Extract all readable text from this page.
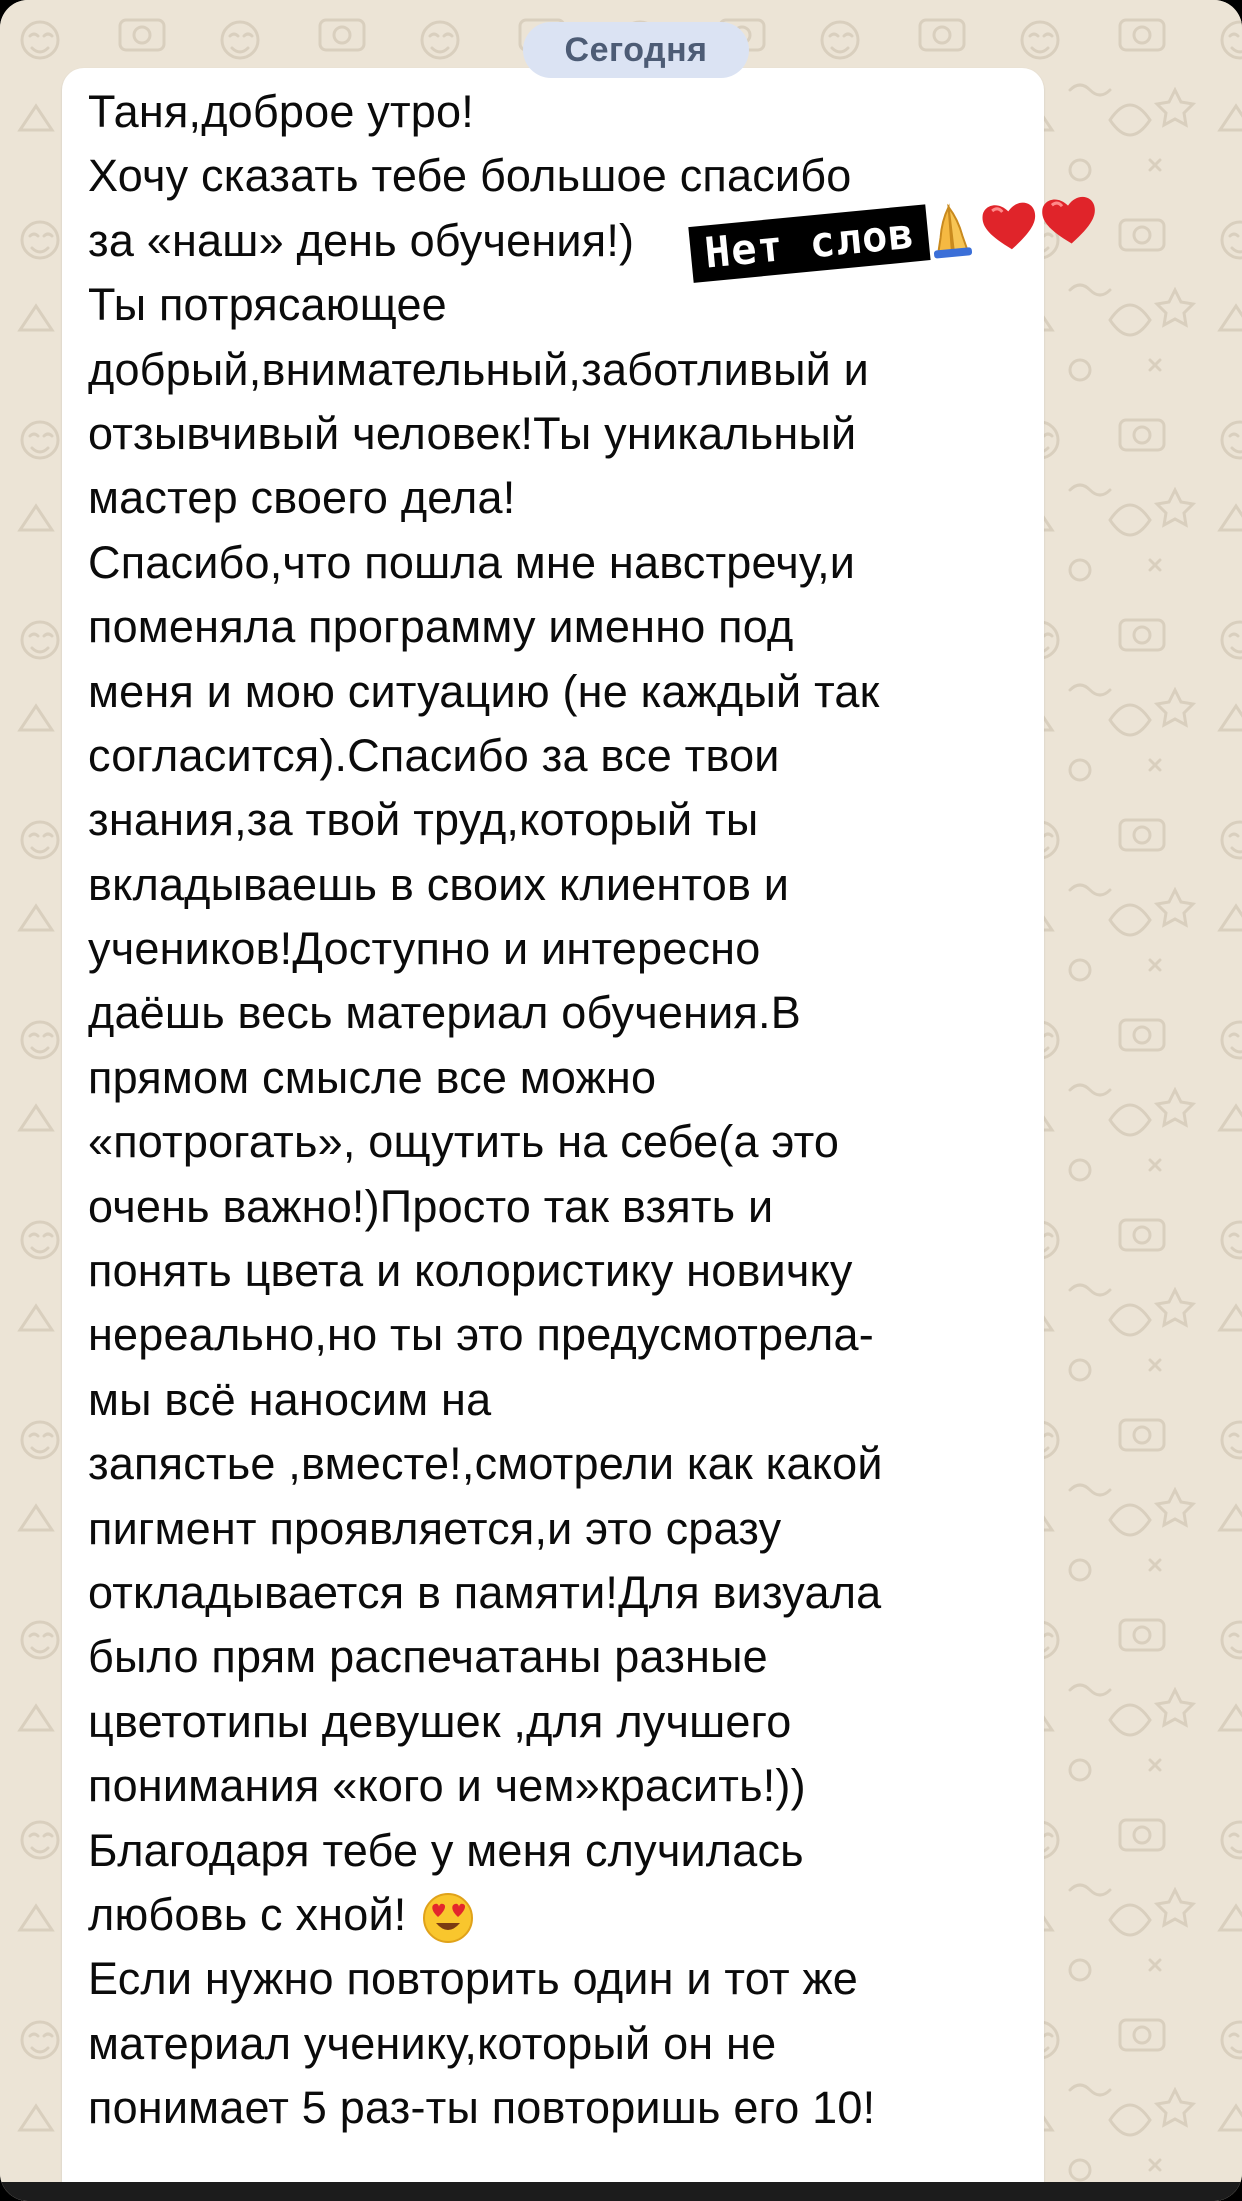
Сегодня
Таня,доброе утро!
Хочу сказать тебе большое спасибо
за «наш» день обучения!)
Ты потрясающее
добрый,внимательный,заботливый и
отзывчивый человек!Ты уникальный
мастер своего дела!
Спасибо,что пошла мне навстречу,и
поменяла программу именно под
меня и мою ситуацию (не каждый так
согласится).Спасибо за все твои
знания,за твой труд,который ты
вкладываешь в своих клиентов и
учеников!Доступно и интересно
даёшь весь материал обучения.В
прямом смысле все можно
«потрогать», ощутить на себе(а это
очень важно!)Просто так взять и
понять цвета и колористику новичку
нереально,но ты это предусмотрела-
мы всё наносим на
запястье ,вместе!,смотрели как какой
пигмент проявляется,и это сразу
откладывается в памяти!Для визуала
было прям распечатаны разные
цветотипы девушек ,для лучшего
понимания «кого и чем»красить!))
Благодаря тебе у меня случилась
любовь с хной!
Если нужно повторить один и тот же
материал ученику,который он не
понимает 5 раз-ты повторишь его 10!
Нет слов
